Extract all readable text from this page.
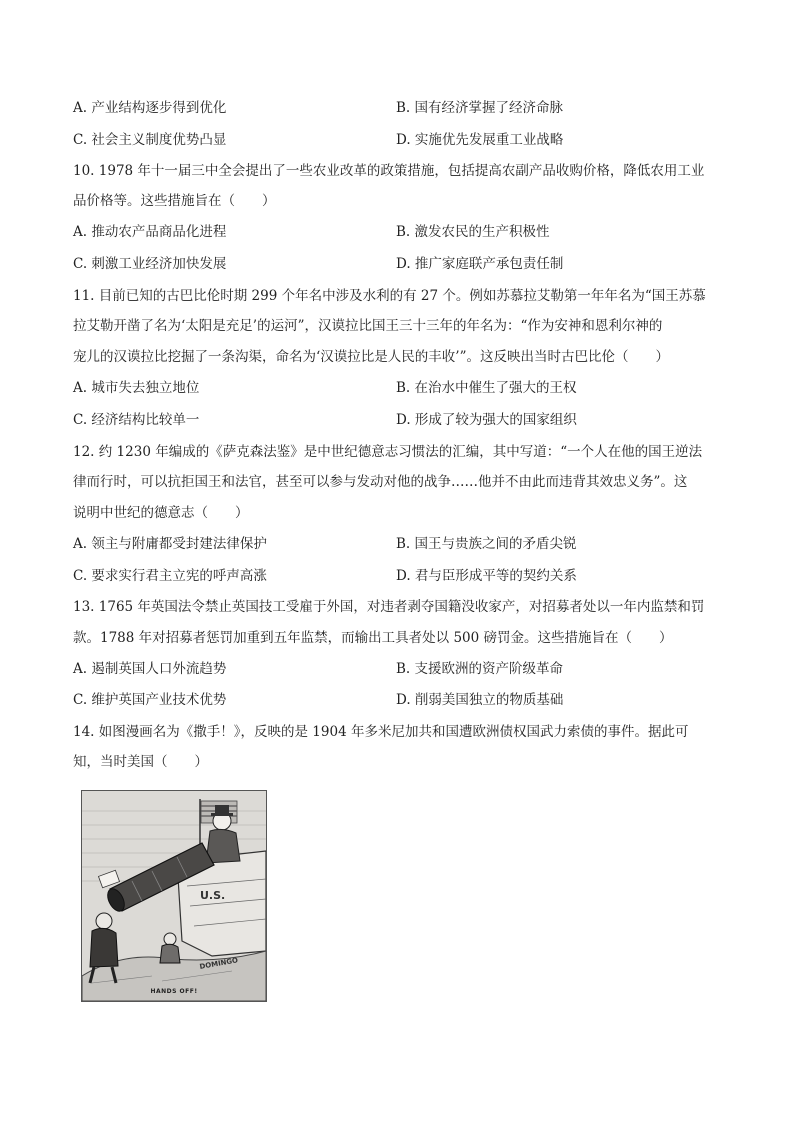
A. 产业结构逐步得到优化	B. 国有经济掌握了经济命脉
C. 社会主义制度优势凸显	D. 实施优先发展重工业战略
10. 1978 年十一届三中全会提出了一些农业改革的政策措施，包括提高农副产品收购价格，降低农用工业
品价格等。这些措施旨在（　　）
A. 推动农产品商品化进程	B. 激发农民的生产积极性
C. 刺激工业经济加快发展	D. 推广家庭联产承包责任制
11. 目前已知的古巴比伦时期 299 个年名中涉及水利的有 27 个。例如苏慕拉艾勒第一年年名为“国王苏慕
拉艾勒开凿了名为‘太阳是充足’的运河”，汉谟拉比国王三十三年的年名为：“作为安神和恩利尔神的
宠儿的汉谟拉比挖掘了一条沟渠，命名为‘汉谟拉比是人民的丰收’”。这反映出当时古巴比伦（　　）
A. 城市失去独立地位	B. 在治水中催生了强大的王权
C. 经济结构比较单一	D. 形成了较为强大的国家组织
12. 约 1230 年编成的《萨克森法鉴》是中世纪德意志习惯法的汇编，其中写道：“一个人在他的国王逆法
律而行时，可以抗拒国王和法官，甚至可以参与发动对他的战争……他并不由此而违背其效忠义务”。这
说明中世纪的德意志（　　）
A. 领主与附庸都受封建法律保护	B. 国王与贵族之间的矛盾尖锐
C. 要求实行君主立宪的呼声高涨	D. 君与臣形成平等的契约关系
13. 1765 年英国法令禁止英国技工受雇于外国，对违者剥夺国籍没收家产，对招募者处以一年内监禁和罚
款。1788 年对招募者惩罚加重到五年监禁，而输出工具者处以 500 磅罚金。这些措施旨在（　　）
A. 遏制英国人口外流趋势	B. 支援欧洲的资产阶级革命
C. 维护英国产业技术优势	D. 削弱美国独立的物质基础
14. 如图漫画名为《撒手！》，反映的是 1904 年多米尼加共和国遭欧洲债权国武力索债的事件。据此可
知，当时美国（　　）
U.S.
DOMINGO
HANDS OFF!
